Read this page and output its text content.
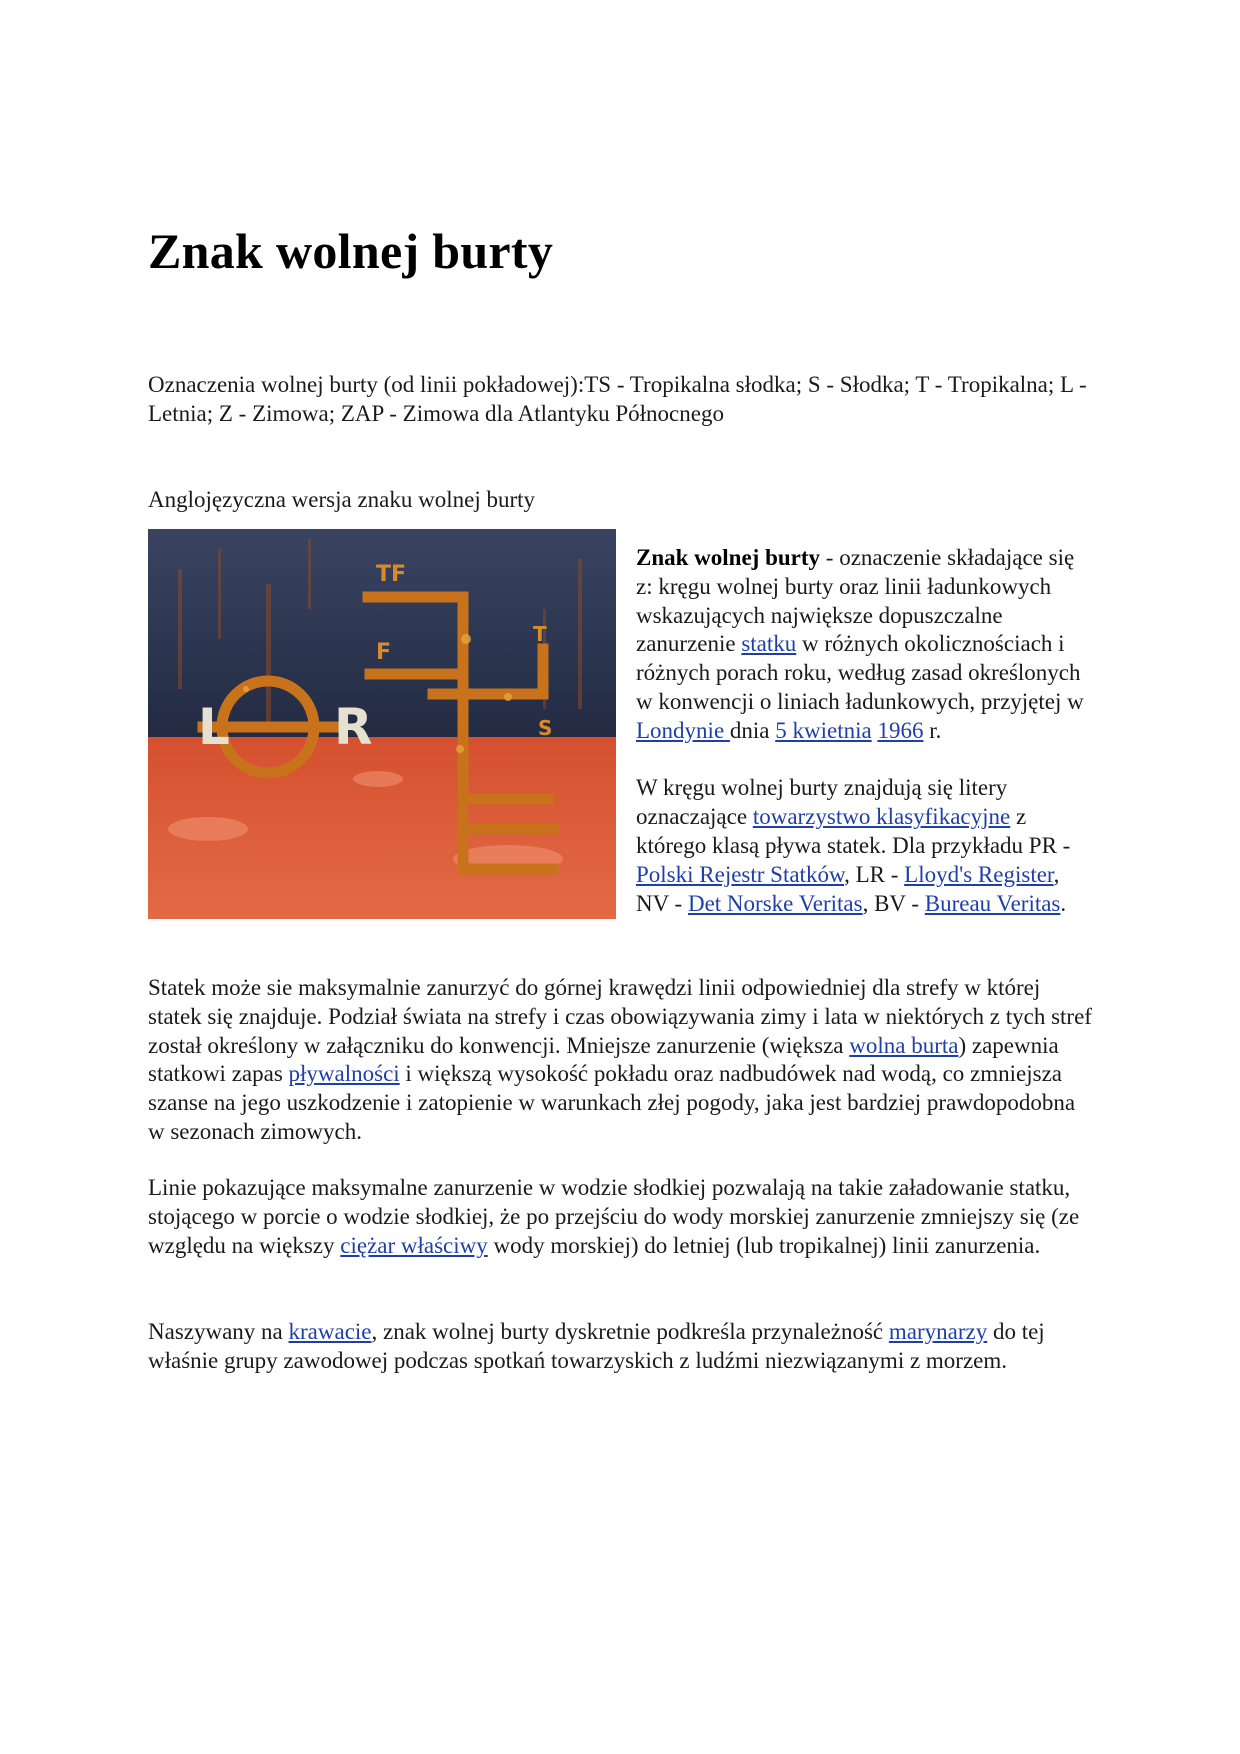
Znak wolnej burty

Oznaczenia wolnej burty (od linii pokładowej):TS - Tropikalna słodka; S - Słodka; T - Tropikalna; L - Letnia; Z - Zimowa; ZAP - Zimowa dla Atlantyku Północnego

Anglojęzyczna wersja znaku wolnej burty

TF
F
T
S
L R
Znak wolnej burty - oznaczenie składające się z: kręgu wolnej burty oraz linii ładunkowych wskazujących największe dopuszczalne zanurzenie statku w różnych okolicznościach i różnych porach roku, według zasad określonych w konwencji o liniach ładunkowych, przyjętej w Londynie dnia 5 kwietnia 1966 r.
W kręgu wolnej burty znajdują się litery oznaczające towarzystwo klasyfikacyjne z którego klasą pływa statek. Dla przykładu PR - Polski Rejestr Statków, LR - Lloyd's Register, NV - Det Norske Veritas, BV - Bureau Veritas.

Statek może sie maksymalnie zanurzyć do górnej krawędzi linii odpowiedniej dla strefy w której statek się znajduje. Podział świata na strefy i czas obowiązywania zimy i lata w niektórych z tych stref został określony w załączniku do konwencji. Mniejsze zanurzenie (większa wolna burta) zapewnia statkowi zapas pływalności i większą wysokość pokładu oraz nadbudówek nad wodą, co zmniejsza szanse na jego uszkodzenie i zatopienie w warunkach złej pogody, jaka jest bardziej prawdopodobna w sezonach zimowych.

Linie pokazujące maksymalne zanurzenie w wodzie słodkiej pozwalają na takie załadowanie statku, stojącego w porcie o wodzie słodkiej, że po przejściu do wody morskiej zanurzenie zmniejszy się (ze względu na większy ciężar właściwy wody morskiej) do letniej (lub tropikalnej) linii zanurzenia.

Naszywany na krawacie, znak wolnej burty dyskretnie podkreśla przynależność marynarzy do tej właśnie grupy zawodowej podczas spotkań towarzyskich z ludźmi niezwiązanymi z morzem.
